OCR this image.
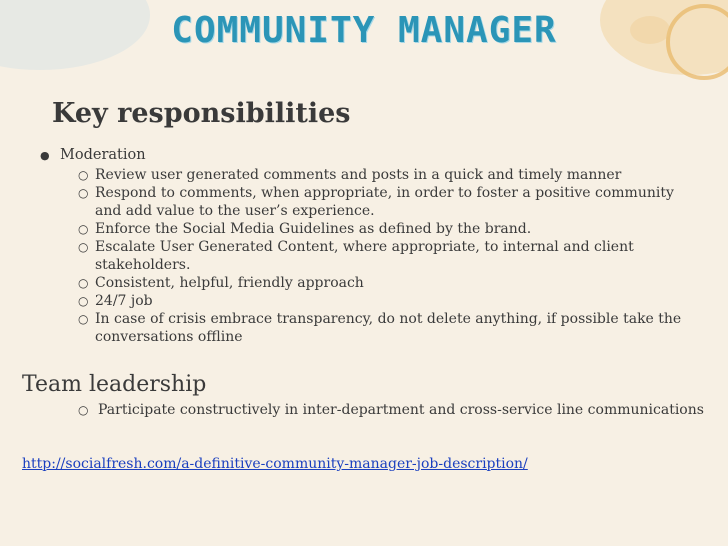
COMMUNITY MANAGER
Key responsibilities
● Moderation
○ Review user generated comments and posts in a quick and timely manner
○ Respond to comments, when appropriate, in order to foster a positive community and add value to the user’s experience.
○ Enforce the Social Media Guidelines as defined by the brand.
○ Escalate User Generated Content, where appropriate, to internal and client stakeholders.
○ Consistent, helpful, friendly approach
○ 24/7 job
○ In case of crisis embrace transparency, do not delete anything, if possible take the conversations offline
Team leadership
○ Participate constructively in inter-department and cross-service line communications
http://socialfresh.com/a-definitive-community-manager-job-description/
